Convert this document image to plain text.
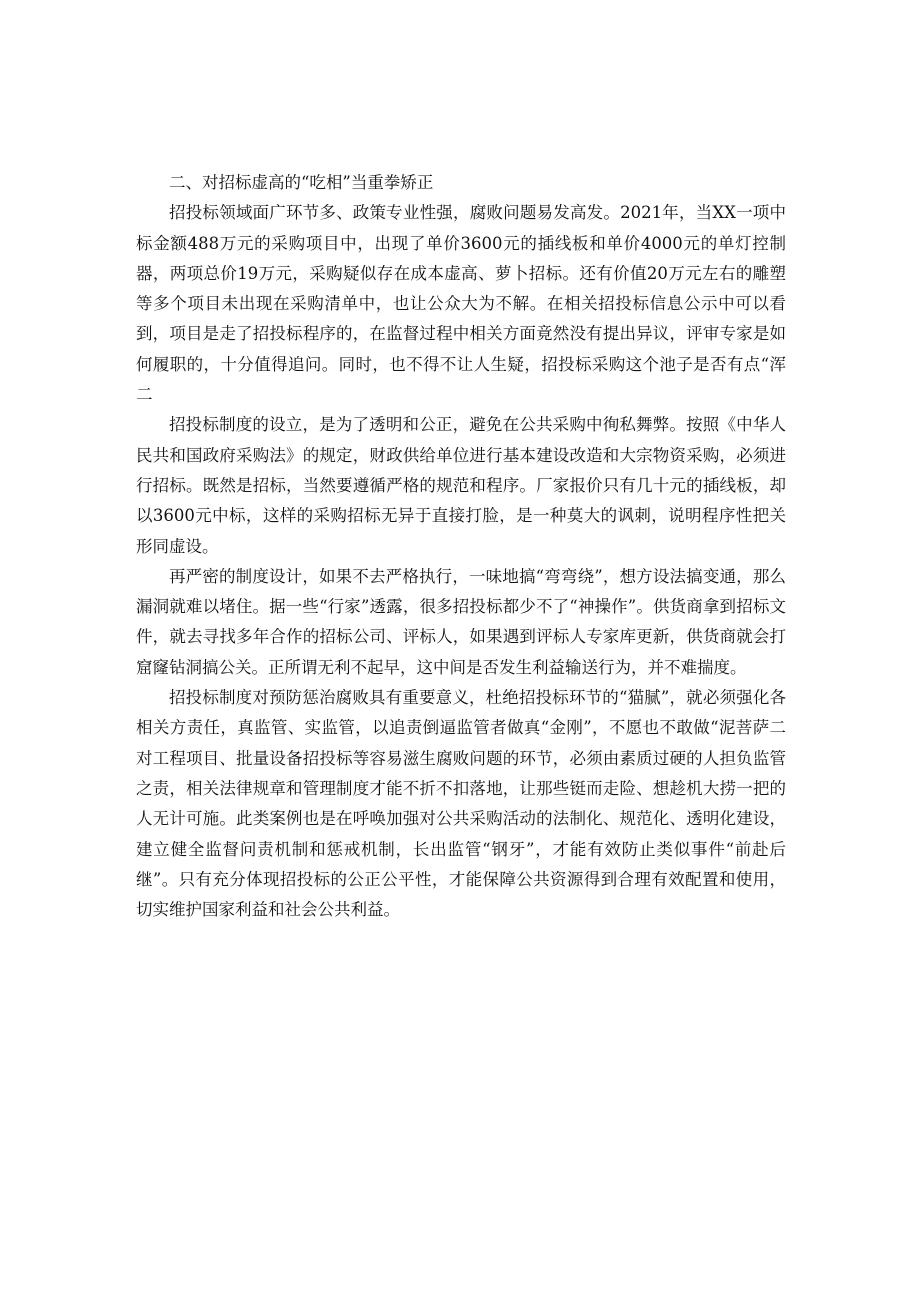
二、对招标虚高的“吃相”当重拳矫正

招投标领域面广环节多、政策专业性强，腐败问题易发高发。2021年，当XX一项中标金额488万元的采购项目中，出现了单价3600元的插线板和单价4000元的单灯控制器，两项总价19万元，采购疑似存在成本虚高、萝卜招标。还有价值20万元左右的雕塑等多个项目未出现在采购清单中，也让公众大为不解。在相关招投标信息公示中可以看到，项目是走了招投标程序的，在监督过程中相关方面竟然没有提出异议，评审专家是如何履职的，十分值得追问。同时，也不得不让人生疑，招投标采购这个池子是否有点“浑二

招投标制度的设立，是为了透明和公正，避免在公共采购中徇私舞弊。按照《中华人民共和国政府采购法》的规定，财政供给单位进行基本建设改造和大宗物资采购，必须进行招标。既然是招标，当然要遵循严格的规范和程序。厂家报价只有几十元的插线板，却以3600元中标，这样的采购招标无异于直接打脸，是一种莫大的讽刺，说明程序性把关形同虚设。

再严密的制度设计，如果不去严格执行，一味地搞“弯弯绕”，想方设法搞变通，那么漏洞就难以堵住。据一些“行家”透露，很多招投标都少不了“神操作”。供货商拿到招标文件，就去寻找多年合作的招标公司、评标人，如果遇到评标人专家库更新，供货商就会打窟窿钻洞搞公关。正所谓无利不起早，这中间是否发生利益输送行为，并不难揣度。

招投标制度对预防惩治腐败具有重要意义，杜绝招投标环节的“猫腻”，就必须强化各相关方责任，真监管、实监管，以追责倒逼监管者做真“金刚”，不愿也不敢做“泥菩萨二对工程项目、批量设备招投标等容易滋生腐败问题的环节，必须由素质过硬的人担负监管之责，相关法律规章和管理制度才能不折不扣落地，让那些铤而走险、想趁机大捞一把的人无计可施。此类案例也是在呼唤加强对公共采购活动的法制化、规范化、透明化建设，建立健全监督问责机制和惩戒机制，长出监管“钢牙”，才能有效防止类似事件“前赴后继”。只有充分体现招投标的公正公平性，才能保障公共资源得到合理有效配置和使用，切实维护国家利益和社会公共利益。
